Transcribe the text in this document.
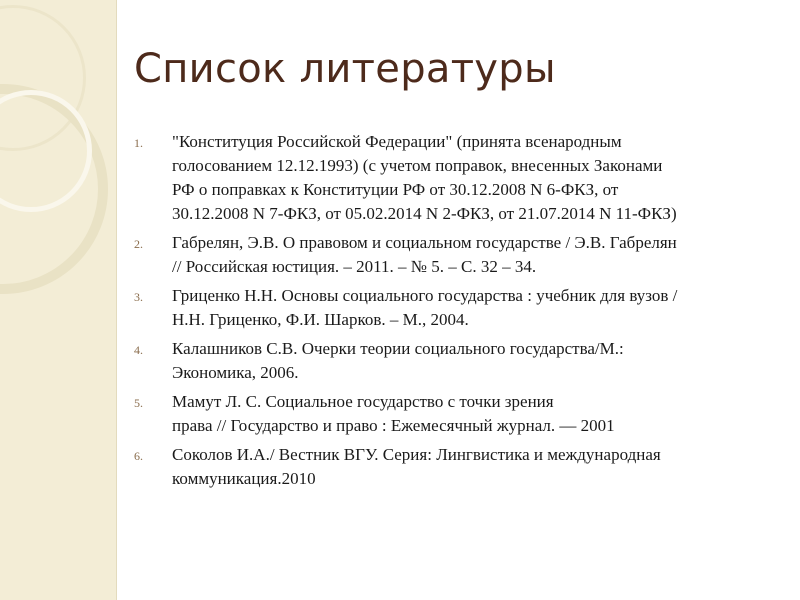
Список литературы
1.	"Конституция Российской Федерации" (принята всенародным
голосованием 12.12.1993) (с учетом поправок, внесенных Законами
РФ о поправках к Конституции РФ от 30.12.2008 N 6-ФКЗ, от
30.12.2008 N 7-ФКЗ, от 05.02.2014 N 2-ФКЗ, от 21.07.2014 N 11-ФКЗ)
2.	Габрелян, Э.В. О правовом и социальном государстве / Э.В. Габрелян
// Российская юстиция. – 2011. – № 5. – С. 32 – 34.
3.	Гриценко Н.Н. Основы социального государства : учебник для вузов /
Н.Н. Гриценко, Ф.И. Шарков. – М., 2004.
4.	Калашников С.В. Очерки теории социального государства/М.:
Экономика, 2006.
5.	Мамут Л. С. Социальное государство с точки зрения
права // Государство и право : Ежемесячный журнал. — 2001
6.	Соколов И.А./ Вестник ВГУ. Серия: Лингвистика и международная
коммуникация.2010
